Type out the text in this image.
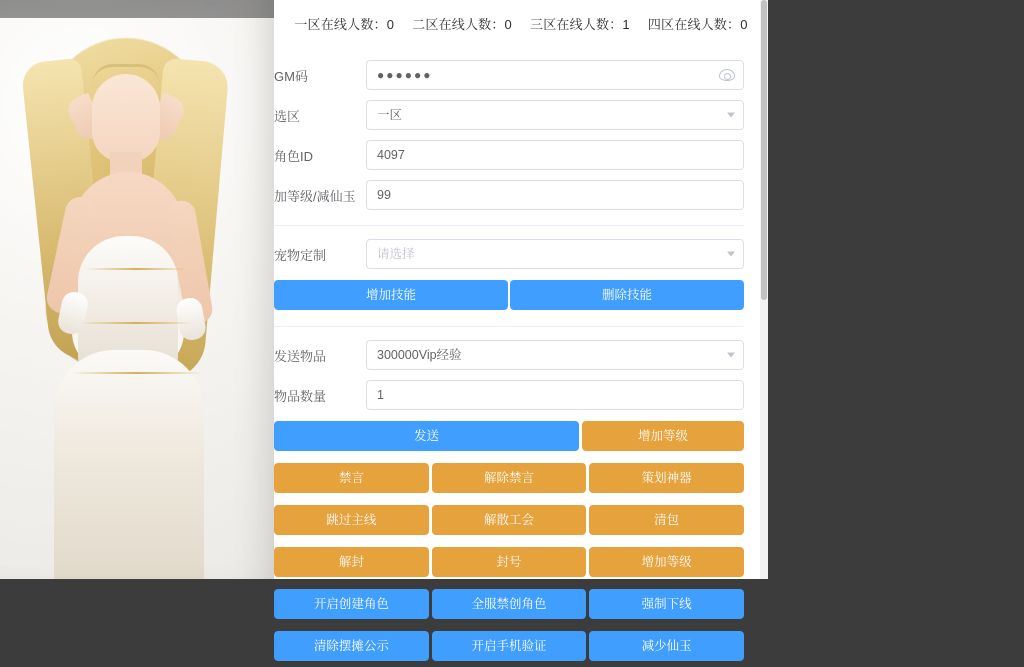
一区在线人数：0 二区在线人数：0 三区在线人数：1 四区在线人数：0
GM码	●●●●●●
选区	一区
角色ID	4097
加等级/减仙玉	99
宠物定制	请选择
增加技能	删除技能
发送物品	300000Vip经验
物品数量	1
发送	增加等级
禁言	解除禁言	策划神器
跳过主线	解散工会	清包
解封	封号	增加等级
开启创建角色	全服禁创角色	强制下线
清除摆摊公示	开启手机验证	减少仙玉
